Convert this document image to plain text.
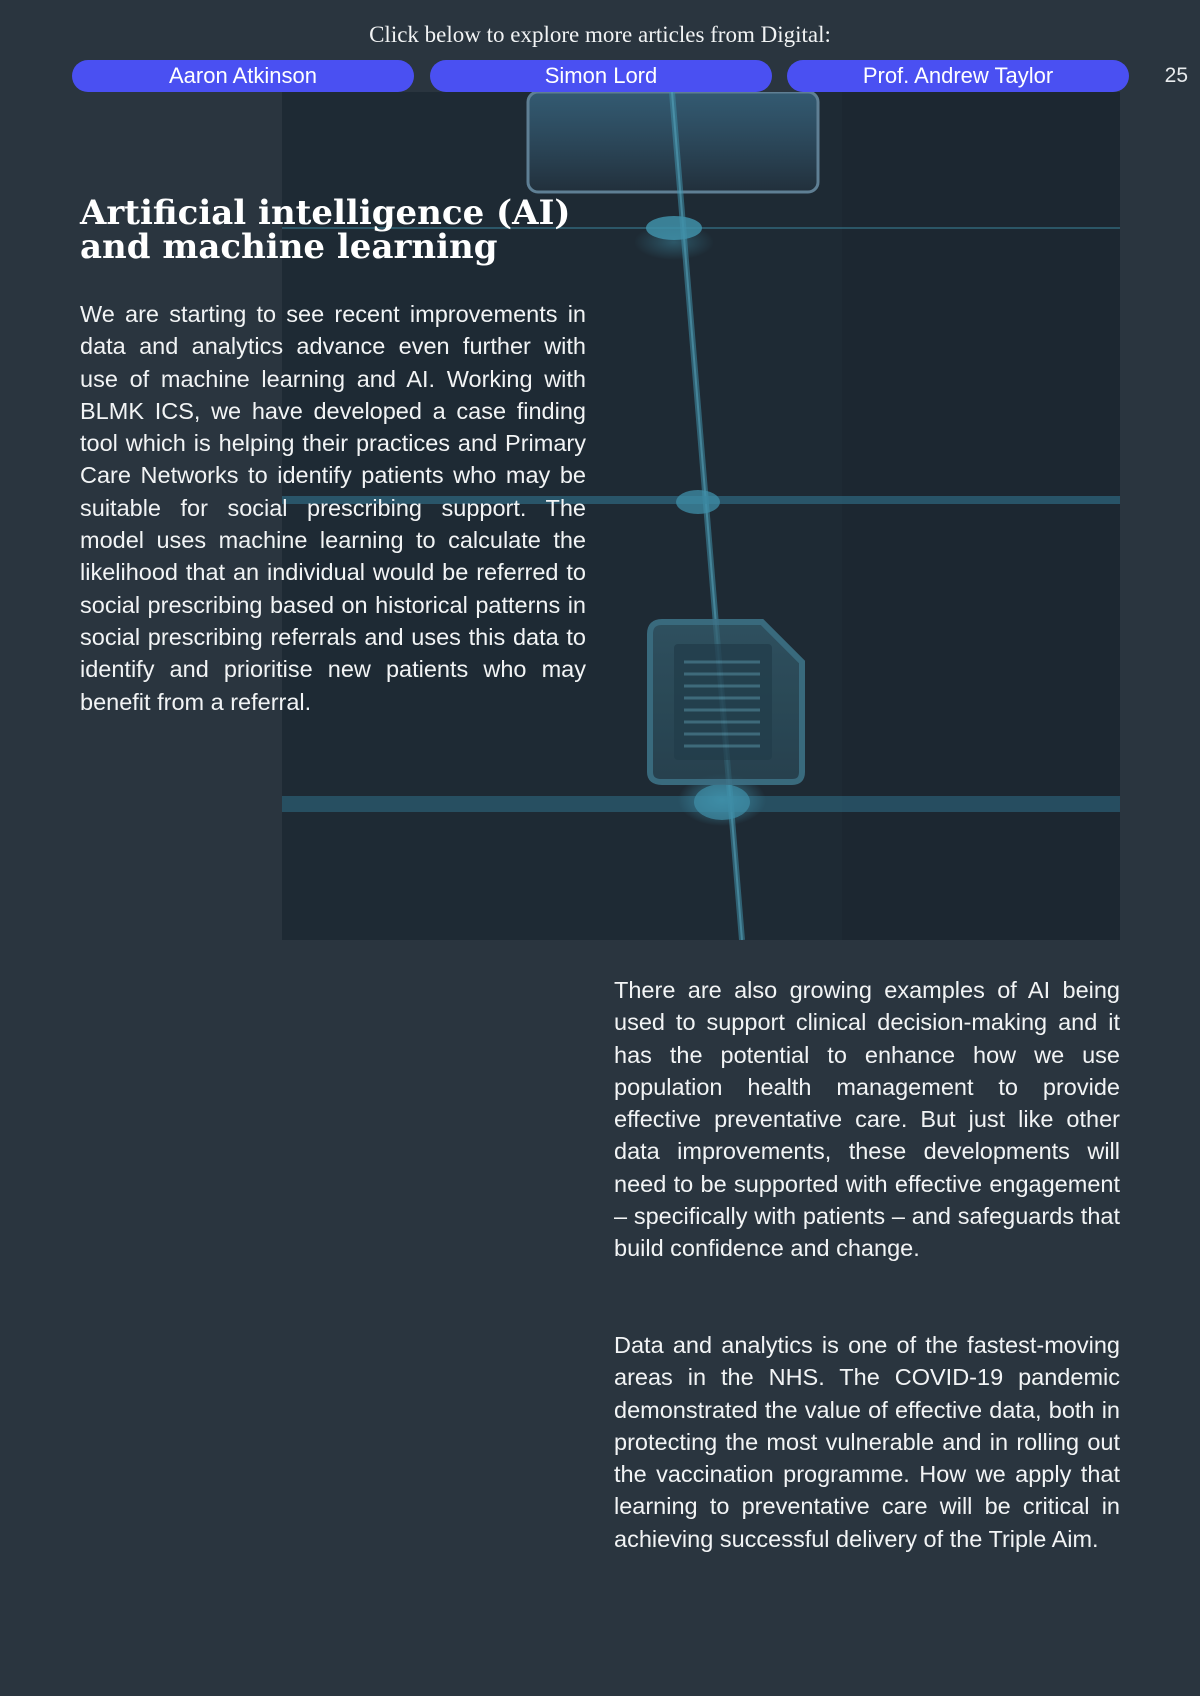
Click below to explore more articles from Digital:
Aaron Atkinson	Simon Lord	Prof. Andrew Taylor	25
Artificial intelligence (AI) and machine learning

We are starting to see recent improvements in data and analytics advance even further with use of machine learning and AI. Working with BLMK ICS, we have developed a case finding tool which is helping their practices and Primary Care Networks to identify patients who may be suitable for social prescribing support. The model uses machine learning to calculate the likelihood that an individual would be referred to social prescribing based on historical patterns in social prescribing referrals and uses this data to identify and prioritise new patients who may benefit from a referral.

There are also growing examples of AI being used to support clinical decision-making and it has the potential to enhance how we use population health management to provide effective preventative care. But just like other data improvements, these developments will need to be supported with effective engagement – specifically with patients – and safeguards that build confidence and change.

Data and analytics is one of the fastest-moving areas in the NHS. The COVID-19 pandemic demonstrated the value of effective data, both in protecting the most vulnerable and in rolling out the vaccination programme. How we apply that learning to preventative care will be critical in achieving successful delivery of the Triple Aim.
